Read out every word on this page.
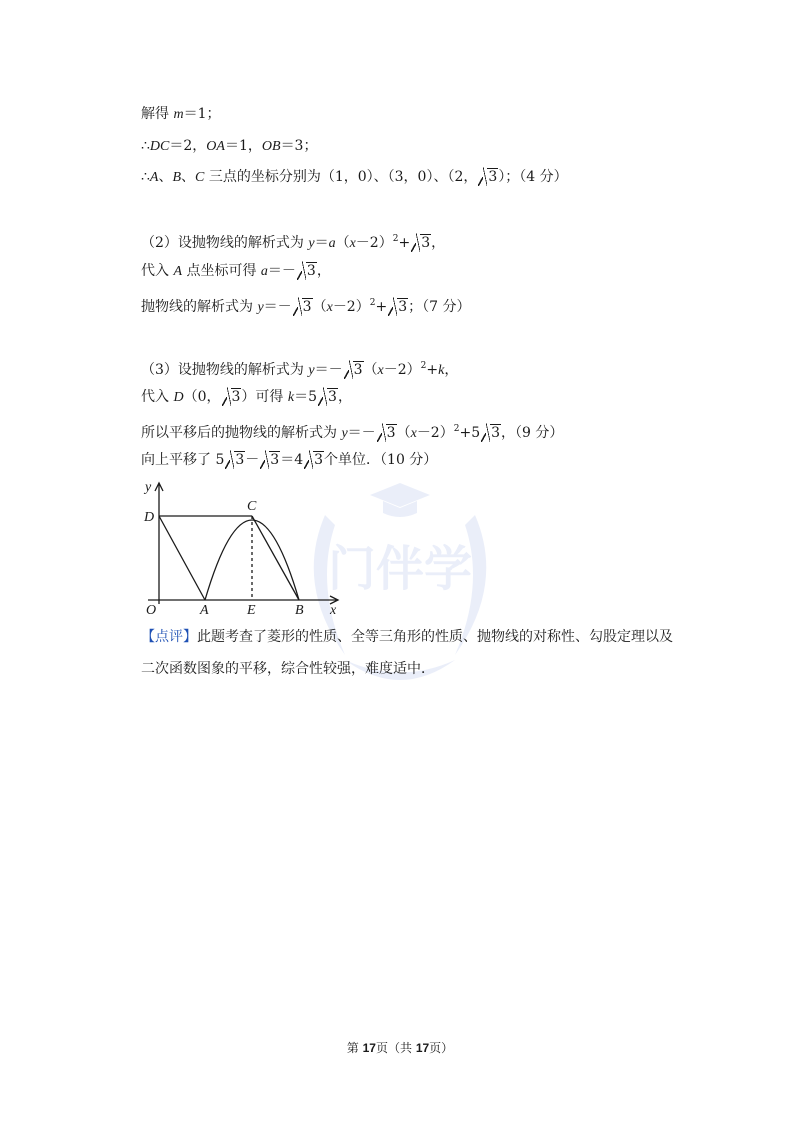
门伴学
解得 m＝1；
∴DC＝2，OA＝1，OB＝3；
∴A、B、C 三点的坐标分别为（1，0）、（3，0）、（2， 3）；（4 分）
（2）设抛物线的解析式为 $y=a(x-2)^2+ 3$，
代入 A 点坐标可得 a＝－ 3，
抛物线的解析式为 $y=- 3(x-2)^2+ 3$；（7 分）
（3）设抛物线的解析式为 $y=- 3(x-2)^2+k$，
代入 D（0， 3）可得 k＝5 3，
所以平移后的抛物线的解析式为 $y=- 3(x-2)^2+5$ 3，（9 分）
向上平移了 5 3－ 3＝4 3个单位．（10 分）
y
x
D
C
O	A	E	B
【点评】此题考查了菱形的性质、全等三角形的性质、抛物线的对称性、勾股定理以及
二次函数图象的平移，综合性较强，难度适中．
第 17页（共 17页）
